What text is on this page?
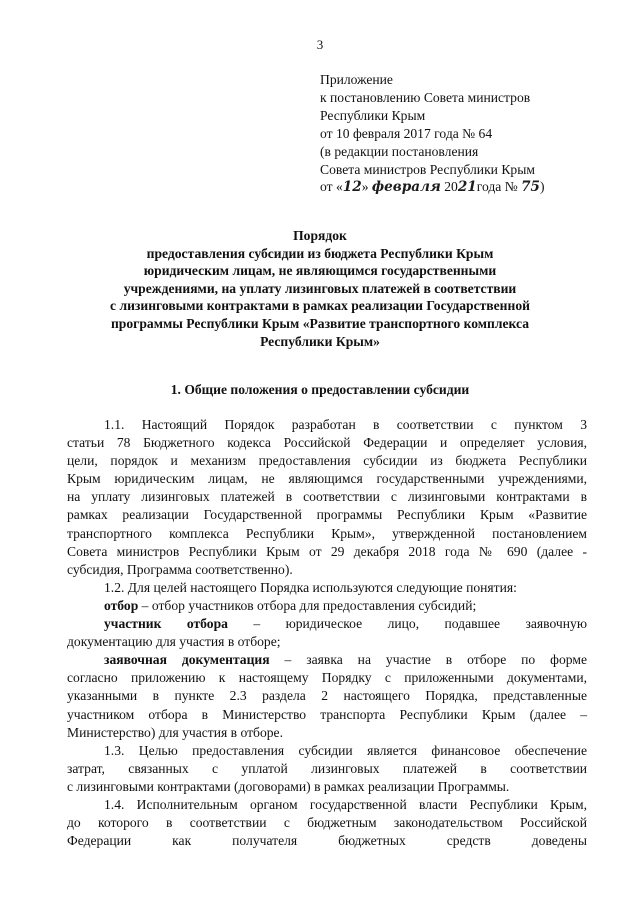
3
Приложение
к постановлению Совета министров
Республики Крым
от 10 февраля 2017 года № 64
(в редакции постановления
Совета министров Республики Крым
от «12» февраля 2021года № 75)
Порядок
предоставления субсидии из бюджета Республики Крым
юридическим лицам, не являющимся государственными
учреждениями, на уплату лизинговых платежей в соответствии
с лизинговыми контрактами в рамках реализации Государственной
программы Республики Крым «Развитие транспортного комплекса
Республики Крым»
1. Общие положения о предоставлении субсидии
1.1. Настоящий Порядок разработан в соответствии с пунктом 3
статьи 78 Бюджетного кодекса Российской Федерации и определяет условия,
цели, порядок и механизм предоставления субсидии из бюджета Республики
Крым юридическим лицам, не являющимся государственными учреждениями,
на уплату лизинговых платежей в соответствии с лизинговыми контрактами в
рамках реализации Государственной программы Республики Крым «Развитие
транспортного комплекса Республики Крым», утвержденной постановлением
Совета министров Республики Крым от 29 декабря 2018 года № 690 (далее -
субсидия, Программа соответственно).
1.2. Для целей настоящего Порядка используются следующие понятия:
отбор – отбор участников отбора для предоставления субсидий;
участник отбора – юридическое лицо, подавшее заявочную
документацию для участия в отборе;
заявочная документация – заявка на участие в отборе по форме
согласно приложению к настоящему Порядку с приложенными документами,
указанными в пункте 2.3 раздела 2 настоящего Порядка, представленные
участником отбора в Министерство транспорта Республики Крым (далее –
Министерство) для участия в отборе.
1.3. Целью предоставления субсидии является финансовое обеспечение
затрат, связанных с уплатой лизинговых платежей в соответствии
с лизинговыми контрактами (договорами) в рамках реализации Программы.
1.4. Исполнительным органом государственной власти Республики Крым,
до которого в соответствии с бюджетным законодательством Российской
Федерации как получателя бюджетных средств доведены
